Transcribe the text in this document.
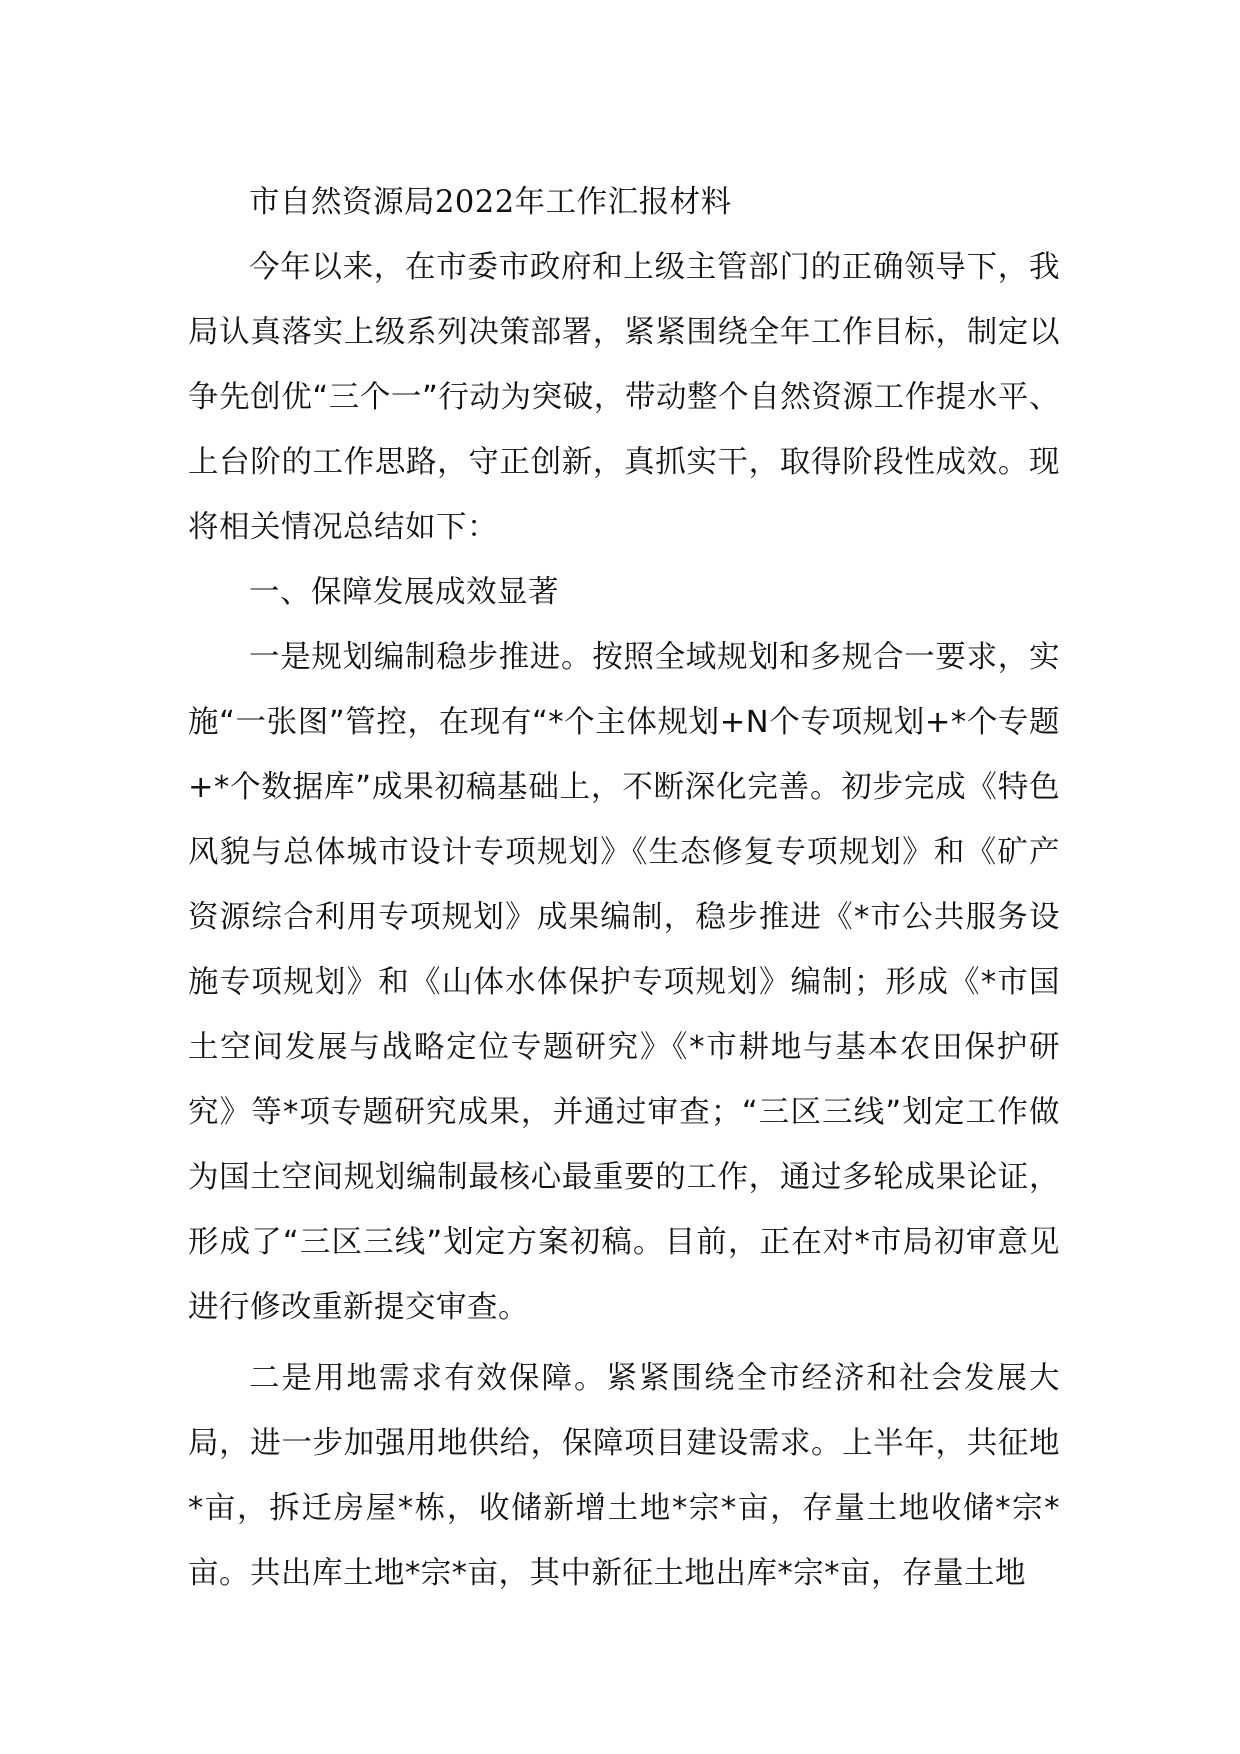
市自然资源局2022年工作汇报材料

今年以来，在市委市政府和上级主管部门的正确领导下，我局认真落实上级系列决策部署，紧紧围绕全年工作目标，制定以争先创优“三个一”行动为突破，带动整个自然资源工作提水平、上台阶的工作思路，守正创新，真抓实干，取得阶段性成效。现将相关情况总结如下：

一、保障发展成效显著

一是规划编制稳步推进。按照全域规划和多规合一要求，实施“一张图”管控，在现有“*个主体规划+N个专项规划+*个专题+*个数据库”成果初稿基础上，不断深化完善。初步完成《特色风貌与总体城市设计专项规划》《生态修复专项规划》和《矿产资源综合利用专项规划》成果编制，稳步推进《*市公共服务设施专项规划》和《山体水体保护专项规划》编制；形成《*市国土空间发展与战略定位专题研究》《*市耕地与基本农田保护研究》等*项专题研究成果，并通过审查；“三区三线”划定工作做为国土空间规划编制最核心最重要的工作，通过多轮成果论证，形成了“三区三线”划定方案初稿。目前，正在对*市局初审意见进行修改重新提交审查。

二是用地需求有效保障。紧紧围绕全市经济和社会发展大局，进一步加强用地供给，保障项目建设需求。上半年，共征地*亩，拆迁房屋*栋，收储新增土地*宗*亩，存量土地收储*宗*亩。共出库土地*宗*亩，其中新征土地出库*宗*亩，存量土地
